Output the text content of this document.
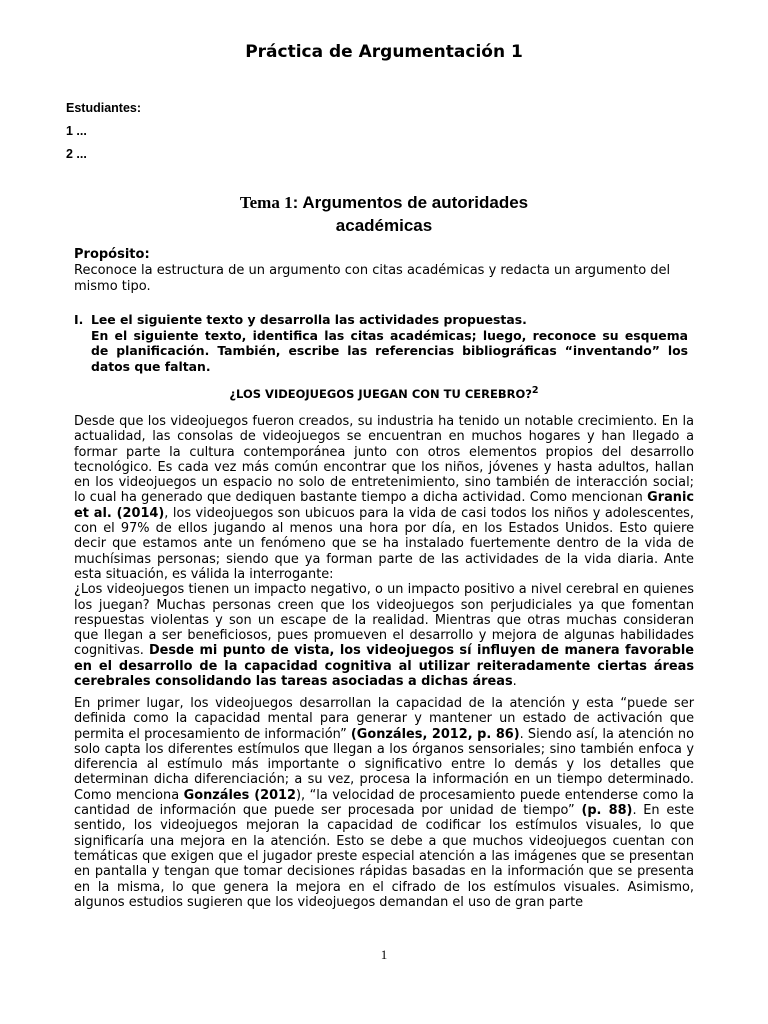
Práctica de Argumentación 1
Estudiantes:
1 ...
2 ...
Tema 1: Argumentos de autoridades
académicas
Propósito:
Reconoce la estructura de un argumento con citas académicas y redacta un argumento del mismo tipo.
I. Lee el siguiente texto y desarrolla las actividades propuestas.

En el siguiente texto, identifica las citas académicas; luego, reconoce su esquema de planificación. También, escribe las referencias bibliográficas “inventando” los datos que faltan.

¿LOS VIDEOJUEGOS JUEGAN CON TU CEREBRO?$^2$

Desde que los videojuegos fueron creados, su industria ha tenido un notable crecimiento. En la actualidad, las consolas de videojuegos se encuentran en muchos hogares y han llegado a formar parte la cultura contemporánea junto con otros elementos propios del desarrollo tecnológico. Es cada vez más común encontrar que los niños, jóvenes y hasta adultos, hallan en los videojuegos un espacio no solo de entretenimiento, sino también de interacción social; lo cual ha generado que dediquen bastante tiempo a dicha actividad. Como mencionan Granic et al. (2014), los videojuegos son ubicuos para la vida de casi todos los niños y adolescentes, con el 97% de ellos jugando al menos una hora por día, en los Estados Unidos. Esto quiere decir que estamos ante un fenómeno que se ha instalado fuertemente dentro de la vida de muchísimas personas; siendo que ya forman parte de las actividades de la vida diaria. Ante esta situación, es válida la interrogante:
¿Los videojuegos tienen un impacto negativo, o un impacto positivo a nivel cerebral en quienes los juegan? Muchas personas creen que los videojuegos son perjudiciales ya que fomentan respuestas violentas y son un escape de la realidad. Mientras que otras muchas consideran que llegan a ser beneficiosos, pues promueven el desarrollo y mejora de algunas habilidades cognitivas. Desde mi punto de vista, los videojuegos sí influyen de manera favorable en el desarrollo de la capacidad cognitiva al utilizar reiteradamente ciertas áreas cerebrales consolidando las tareas asociadas a dichas áreas.

En primer lugar, los videojuegos desarrollan la capacidad de la atención y esta “puede ser definida como la capacidad mental para generar y mantener un estado de activación que permita el procesamiento de información” (Gonzáles, 2012, p. 86). Siendo así, la atención no solo capta los diferentes estímulos que llegan a los órganos sensoriales; sino también enfoca y diferencia al estímulo más importante o significativo entre lo demás y los detalles que determinan dicha diferenciación; a su vez, procesa la información en un tiempo determinado. Como menciona Gonzáles (2012), “la velocidad de procesamiento puede entenderse como la cantidad de información que puede ser procesada por unidad de tiempo” (p. 88). En este sentido, los videojuegos mejoran la capacidad de codificar los estímulos visuales, lo que significaría una mejora en la atención. Esto se debe a que muchos videojuegos cuentan con temáticas que exigen que el jugador preste especial atención a las imágenes que se presentan en pantalla y tengan que tomar decisiones rápidas basadas en la información que se presenta en la misma, lo que genera la mejora en el cifrado de los estímulos visuales. Asimismo, algunos estudios sugieren que los videojuegos demandan el uso de gran parte

1
